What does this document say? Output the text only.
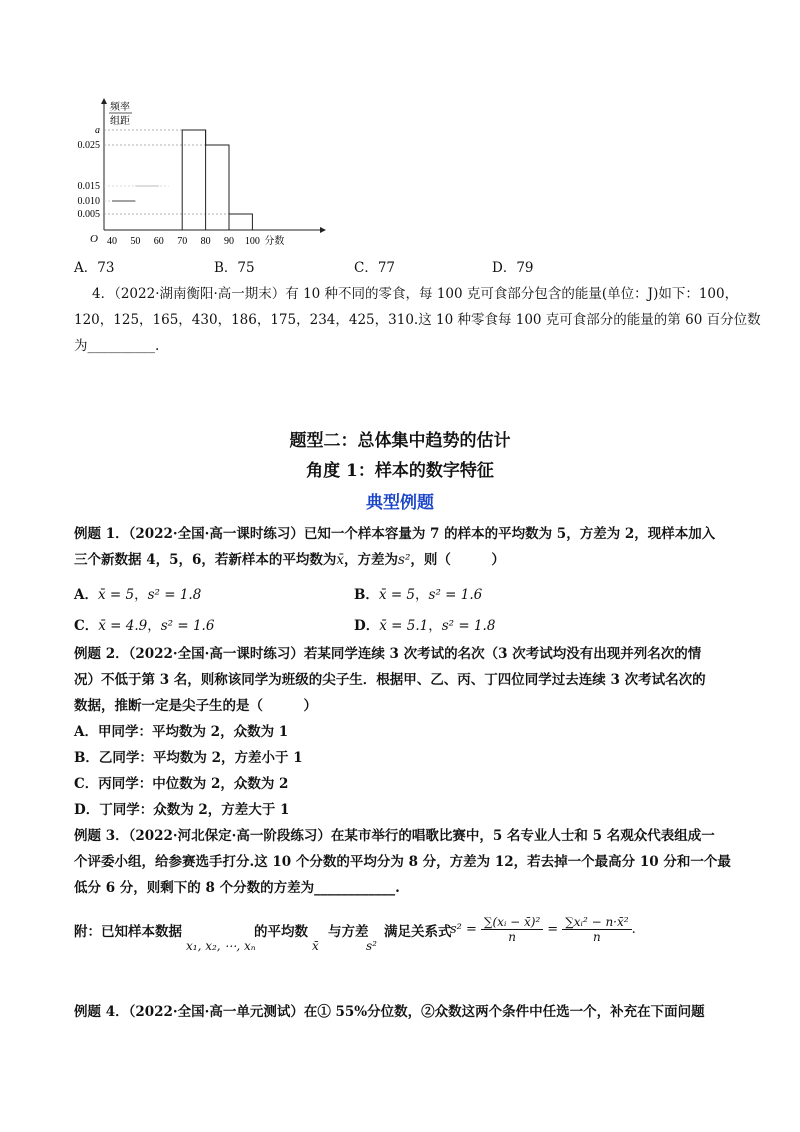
频率
组距
a
0.025
0.015
0.010
0.005
O 40 50 60 70 80 90 100 分数
A．73	B．75	C．77	D．79
4．（2022·湖南衡阳·高一期末）有 10 种不同的零食，每 100 克可食部分包含的能量(单位：J)如下：100，
120，125，165，430，186，175，234，425，310.这 10 种零食每 100 克可食部分的能量的第 60 百分位数
为__________.
题型二：总体集中趋势的估计
角度 1：样本的数字特征
典型例题
例题 1．（2022·全国·高一课时练习）已知一个样本容量为 7 的样本的平均数为 5，方差为 2，现样本加入
三个新数据 4，5，6，若新样本的平均数为x̄，方差为s²，则（　　　）
A．x̄ = 5，s² = 1.8	B．x̄ = 5，s² = 1.6
C．x̄ = 4.9，s² = 1.6	D．x̄ = 5.1，s² = 1.8
例题 2．（2022·全国·高一课时练习）若某同学连续 3 次考试的名次（3 次考试均没有出现并列名次的情
况）不低于第 3 名，则称该同学为班级的尖子生．根据甲、乙、丙、丁四位同学过去连续 3 次考试名次的
数据，推断一定是尖子生的是（　　　）
A．甲同学：平均数为 2，众数为 1
B．乙同学：平均数为 2，方差小于 1
C．丙同学：中位数为 2，众数为 2
D．丁同学：众数为 2，方差大于 1
例题 3．（2022·河北保定·高一阶段练习）在某市举行的唱歌比赛中，5 名专业人士和 5 名观众代表组成一
个评委小组，给参赛选手打分.这 10 个分数的平均分为 8 分，方差为 12，若去掉一个最高分 10 分和一个最
低分 6 分，则剩下的 8 个分数的方差为____________.
附：已知样本数据
x₁, x₂, ⋯, xₙ
的平均数
x̄
与方差
s²
满足关系式
$s^2 = \frac{\text{∑(xᵢ − x̄)²}}{n} = \frac{\text{∑xᵢ² − n·x̄²}}{n}$ .
例题 4．（2022·全国·高一单元测试）在① 55%分位数，②众数这两个条件中任选一个，补充在下面问题
